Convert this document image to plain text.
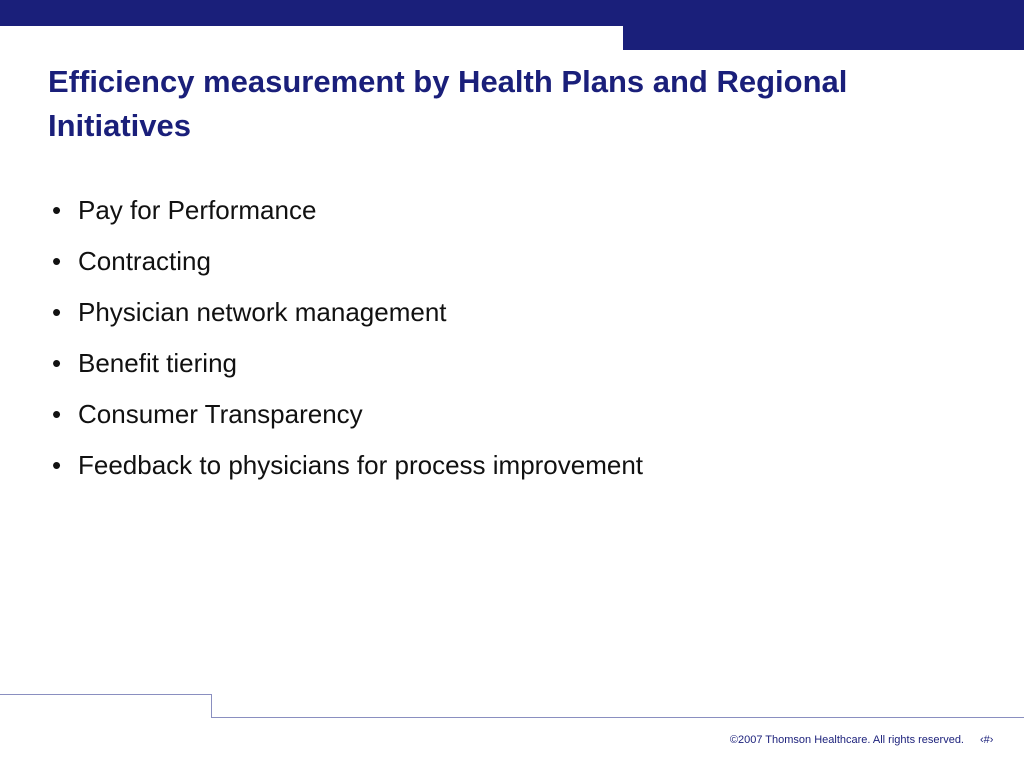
Efficiency measurement by Health Plans and Regional Initiatives
• Pay for Performance
• Contracting
• Physician network management
• Benefit tiering
• Consumer Transparency
• Feedback to physicians for process improvement
©2007 Thomson Healthcare. All rights reserved. ‹#›
